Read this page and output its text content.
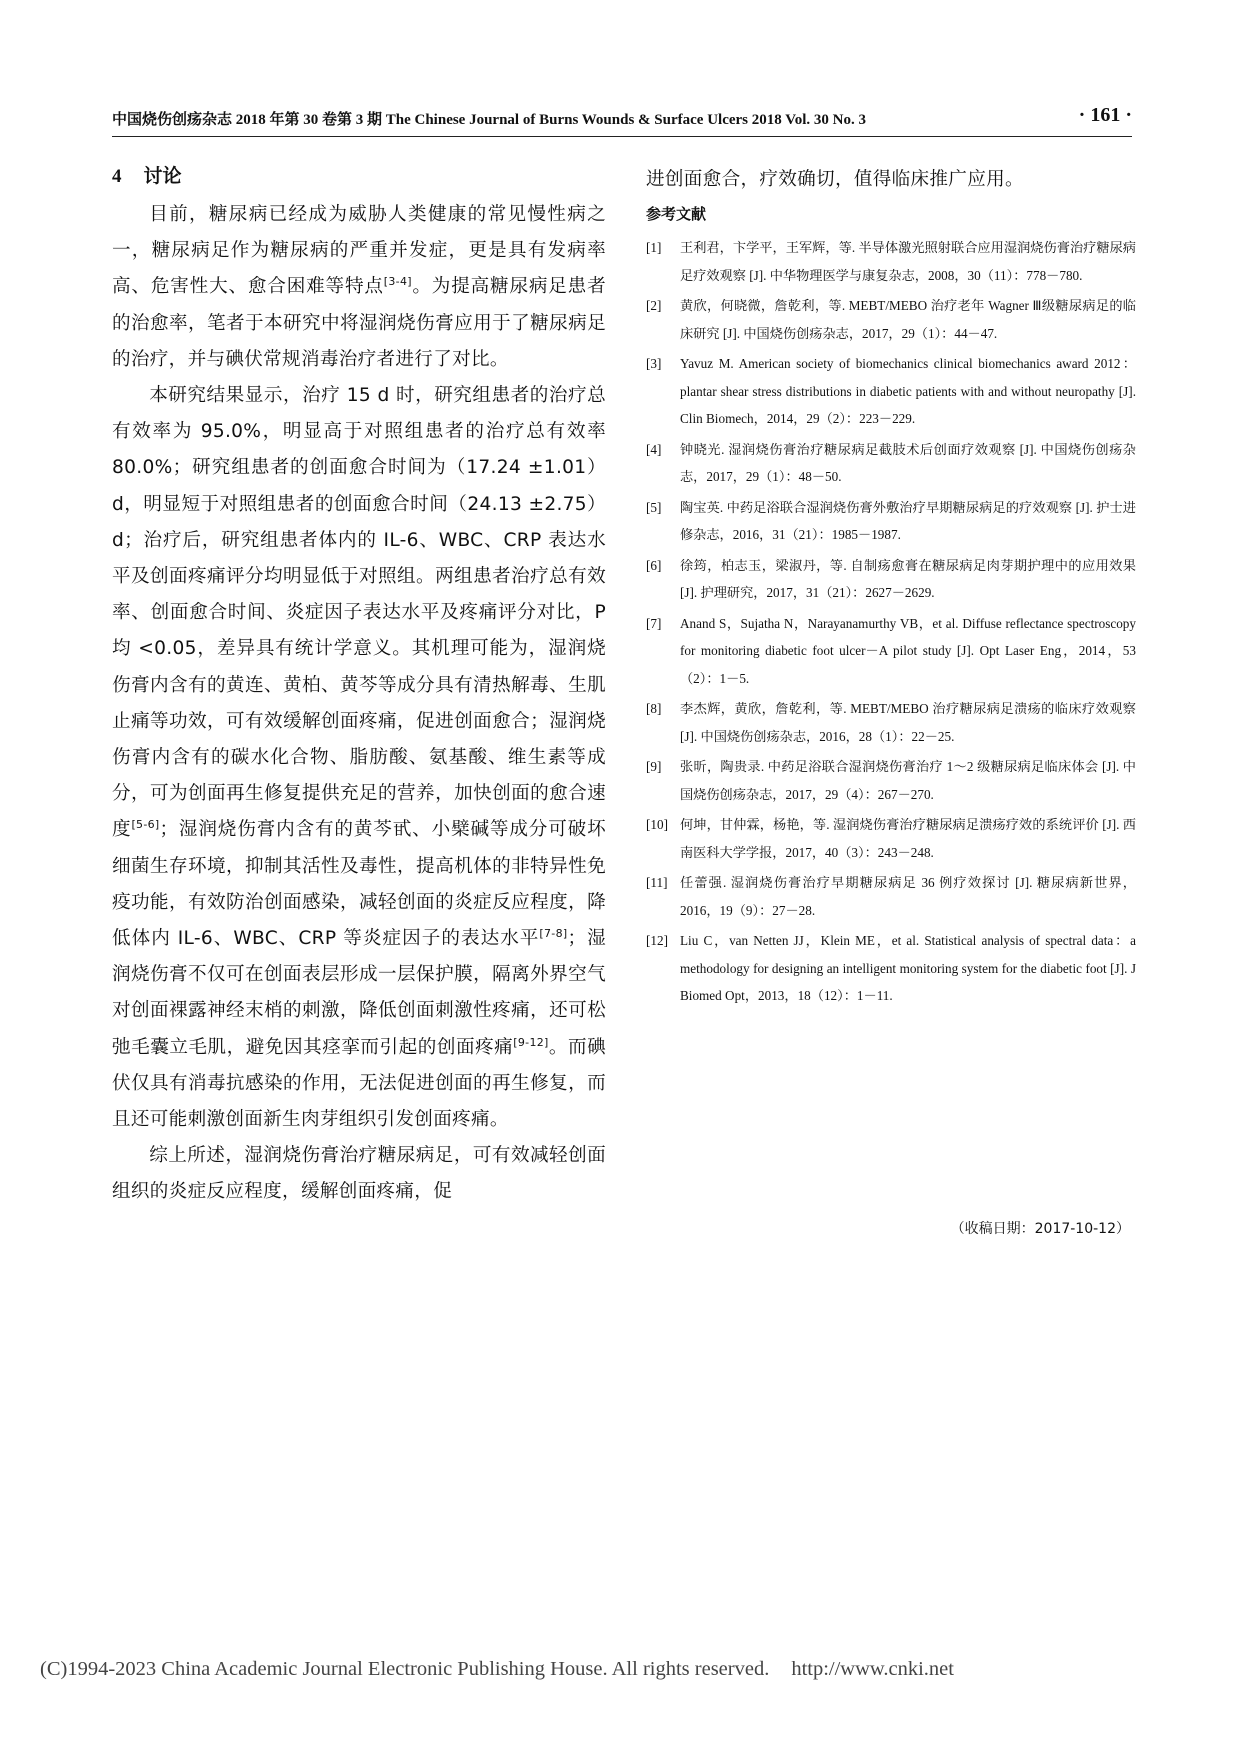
中国烧伤创疡杂志 2018 年第 30 卷第 3 期 The Chinese Journal of Burns Wounds & Surface Ulcers 2018 Vol. 30 No. 3	· 161 ·
4 讨论

目前，糖尿病已经成为威胁人类健康的常见慢性病之一，糖尿病足作为糖尿病的严重并发症，更是具有发病率高、危害性大、愈合困难等特点[3-4]。为提高糖尿病足患者的治愈率，笔者于本研究中将湿润烧伤膏应用于了糖尿病足的治疗，并与碘伏常规消毒治疗者进行了对比。

本研究结果显示，治疗 15 d 时，研究组患者的治疗总有效率为 95.0%，明显高于对照组患者的治疗总有效率 80.0%；研究组患者的创面愈合时间为（17.24 ±1.01） d，明显短于对照组患者的创面愈合时间（24.13 ±2.75） d；治疗后，研究组患者体内的 IL-6、WBC、CRP 表达水平及创面疼痛评分均明显低于对照组。两组患者治疗总有效率、创面愈合时间、炎症因子表达水平及疼痛评分对比，P 均 <0.05，差异具有统计学意义。其机理可能为，湿润烧伤膏内含有的黄连、黄柏、黄芩等成分具有清热解毒、生肌止痛等功效，可有效缓解创面疼痛，促进创面愈合；湿润烧伤膏内含有的碳水化合物、脂肪酸、氨基酸、维生素等成分，可为创面再生修复提供充足的营养，加快创面的愈合速度[5-6]；湿润烧伤膏内含有的黄芩甙、小檗碱等成分可破坏细菌生存环境，抑制其活性及毒性，提高机体的非特异性免疫功能，有效防治创面感染，减轻创面的炎症反应程度，降低体内 IL-6、WBC、CRP 等炎症因子的表达水平[7-8]；湿润烧伤膏不仅可在创面表层形成一层保护膜，隔离外界空气对创面裸露神经末梢的刺激，降低创面刺激性疼痛，还可松弛毛囊立毛肌，避免因其痉挛而引起的创面疼痛[9-12]。而碘伏仅具有消毒抗感染的作用，无法促进创面的再生修复，而且还可能刺激创面新生肉芽组织引发创面疼痛。

综上所述，湿润烧伤膏治疗糖尿病足，可有效减轻创面组织的炎症反应程度，缓解创面疼痛，促

进创面愈合，疗效确切，值得临床推广应用。

参考文献
[1] 王利君，卞学平，王军辉，等. 半导体激光照射联合应用湿润烧伤膏治疗糖尿病足疗效观察 [J]. 中华物理医学与康复杂志，2008，30（11）：778－780.
[2] 黄欣，何晓微，詹乾利，等. MEBT/MEBO 治疗老年 Wagner Ⅲ级糖尿病足的临床研究 [J]. 中国烧伤创疡杂志，2017，29（1）：44－47.
[3] Yavuz M. American society of biomechanics clinical biomechanics award 2012：plantar shear stress distributions in diabetic patients with and without neuropathy [J]. Clin Biomech，2014，29（2）：223－229.
[4] 钟晓光. 湿润烧伤膏治疗糖尿病足截肢术后创面疗效观察 [J]. 中国烧伤创疡杂志，2017，29（1）：48－50.
[5] 陶宝英. 中药足浴联合湿润烧伤膏外敷治疗早期糖尿病足的疗效观察 [J]. 护士进修杂志，2016，31（21）：1985－1987.
[6] 徐筠，柏志玉，梁淑丹，等. 自制疡愈膏在糖尿病足肉芽期护理中的应用效果 [J]. 护理研究，2017，31（21）：2627－2629.
[7] Anand S，Sujatha N，Narayanamurthy VB，et al. Diffuse reflectance spectroscopy for monitoring diabetic foot ulcer－A pilot study [J]. Opt Laser Eng，2014，53（2）：1－5.
[8] 李杰辉，黄欣，詹乾利，等. MEBT/MEBO 治疗糖尿病足溃疡的临床疗效观察 [J]. 中国烧伤创疡杂志，2016，28（1）：22－25.
[9] 张昕，陶贵录. 中药足浴联合湿润烧伤膏治疗 1～2 级糖尿病足临床体会 [J]. 中国烧伤创疡杂志，2017，29（4）：267－270.
[10] 何坤，甘仲霖，杨艳，等. 湿润烧伤膏治疗糖尿病足溃疡疗效的系统评价 [J]. 西南医科大学学报，2017，40（3）：243－248.
[11] 任蕾强. 湿润烧伤膏治疗早期糖尿病足 36 例疗效探讨 [J]. 糖尿病新世界，2016，19（9）：27－28.
[12] Liu C，van Netten JJ，Klein ME，et al. Statistical analysis of spectral data：a methodology for designing an intelligent monitoring system for the diabetic foot [J]. J Biomed Opt，2013，18（12）：1－11.
（收稿日期：2017-10-12）
(C)1994-2023 China Academic Journal Electronic Publishing House. All rights reserved. http://www.cnki.net
